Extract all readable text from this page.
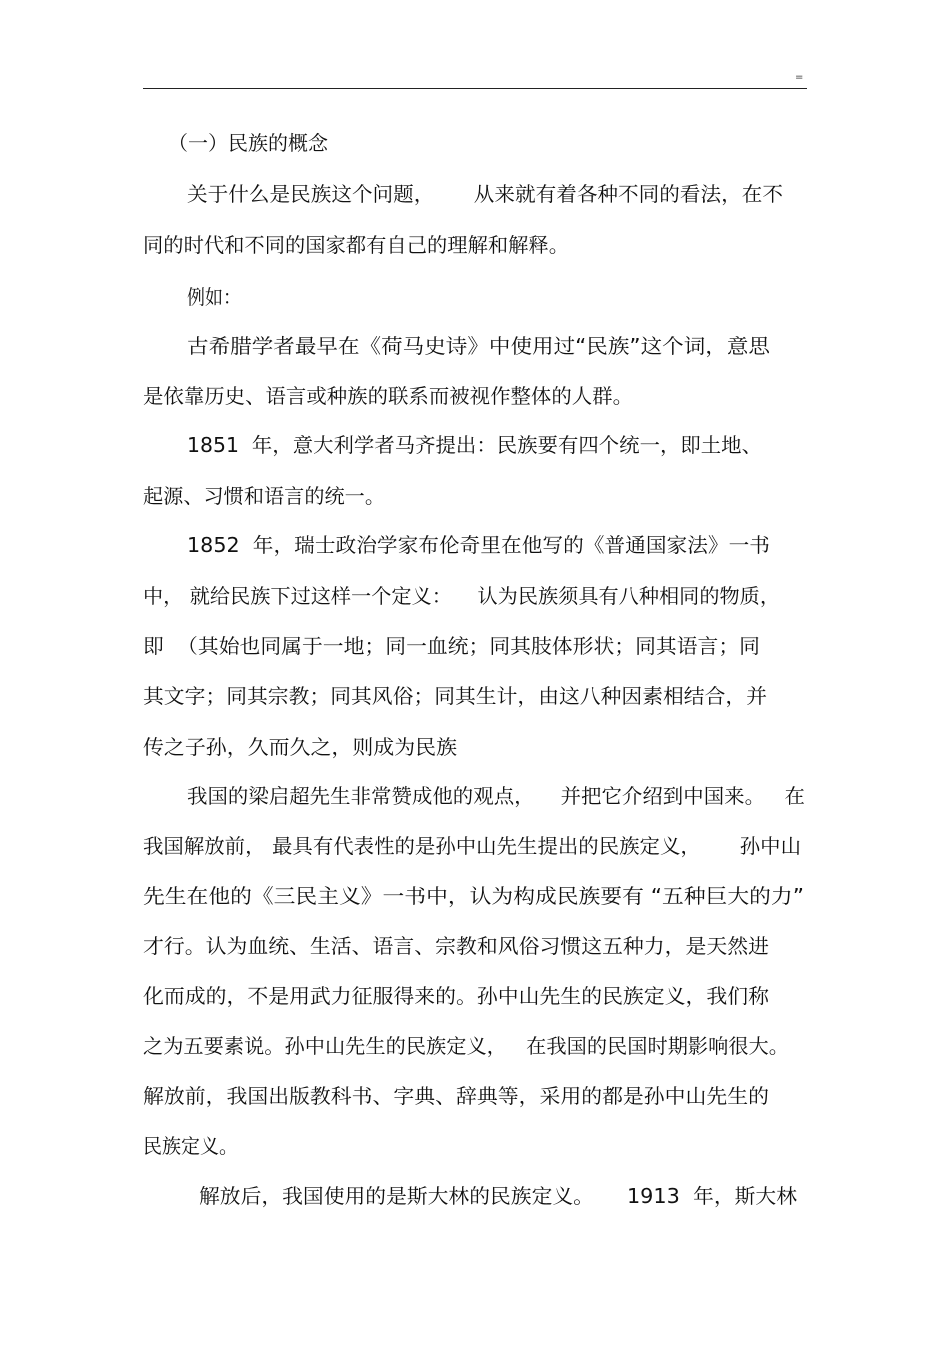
=
（一）民族的概念
关于什么是民族这个问题，      从来就有着各种不同的看法，在不
同的时代和不同的国家都有自己的理解和解释。
例如：
古希腊学者最早在《荷马史诗》中使用过“民族”这个词，意思
是依靠历史、语言或种族的联系而被视作整体的人群。
1851  年，意大利学者马齐提出：民族要有四个统一，即土地、
起源、习惯和语言的统一。
1852  年，瑞士政治学家布伦奇里在他写的《普通国家法》一书
中， 就给民族下过这样一个定义：    认为民族须具有八种相同的物质，
即  （其始也同属于一地；同一血统；同其肢体形状；同其语言；同
其文字；同其宗教；同其风俗；同其生计，由这八种因素相结合，并
传之子孙，久而久之，则成为民族
我国的梁启超先生非常赞成他的观点，    并把它介绍到中国来。   在
我国解放前， 最具有代表性的是孙中山先生提出的民族定义，      孙中山
先生在他的《三民主义》一书中，认为构成民族要有 “五种巨大的力”
才行。认为血统、生活、语言、宗教和风俗习惯这五种力，是天然进
化而成的，不是用武力征服得来的。孙中山先生的民族定义，我们称
之为五要素说。孙中山先生的民族定义，   在我国的民国时期影响很大。
解放前，我国出版教科书、字典、辞典等，采用的都是孙中山先生的
民族定义。
解放后，我国使用的是斯大林的民族定义。     1913  年，斯大林
